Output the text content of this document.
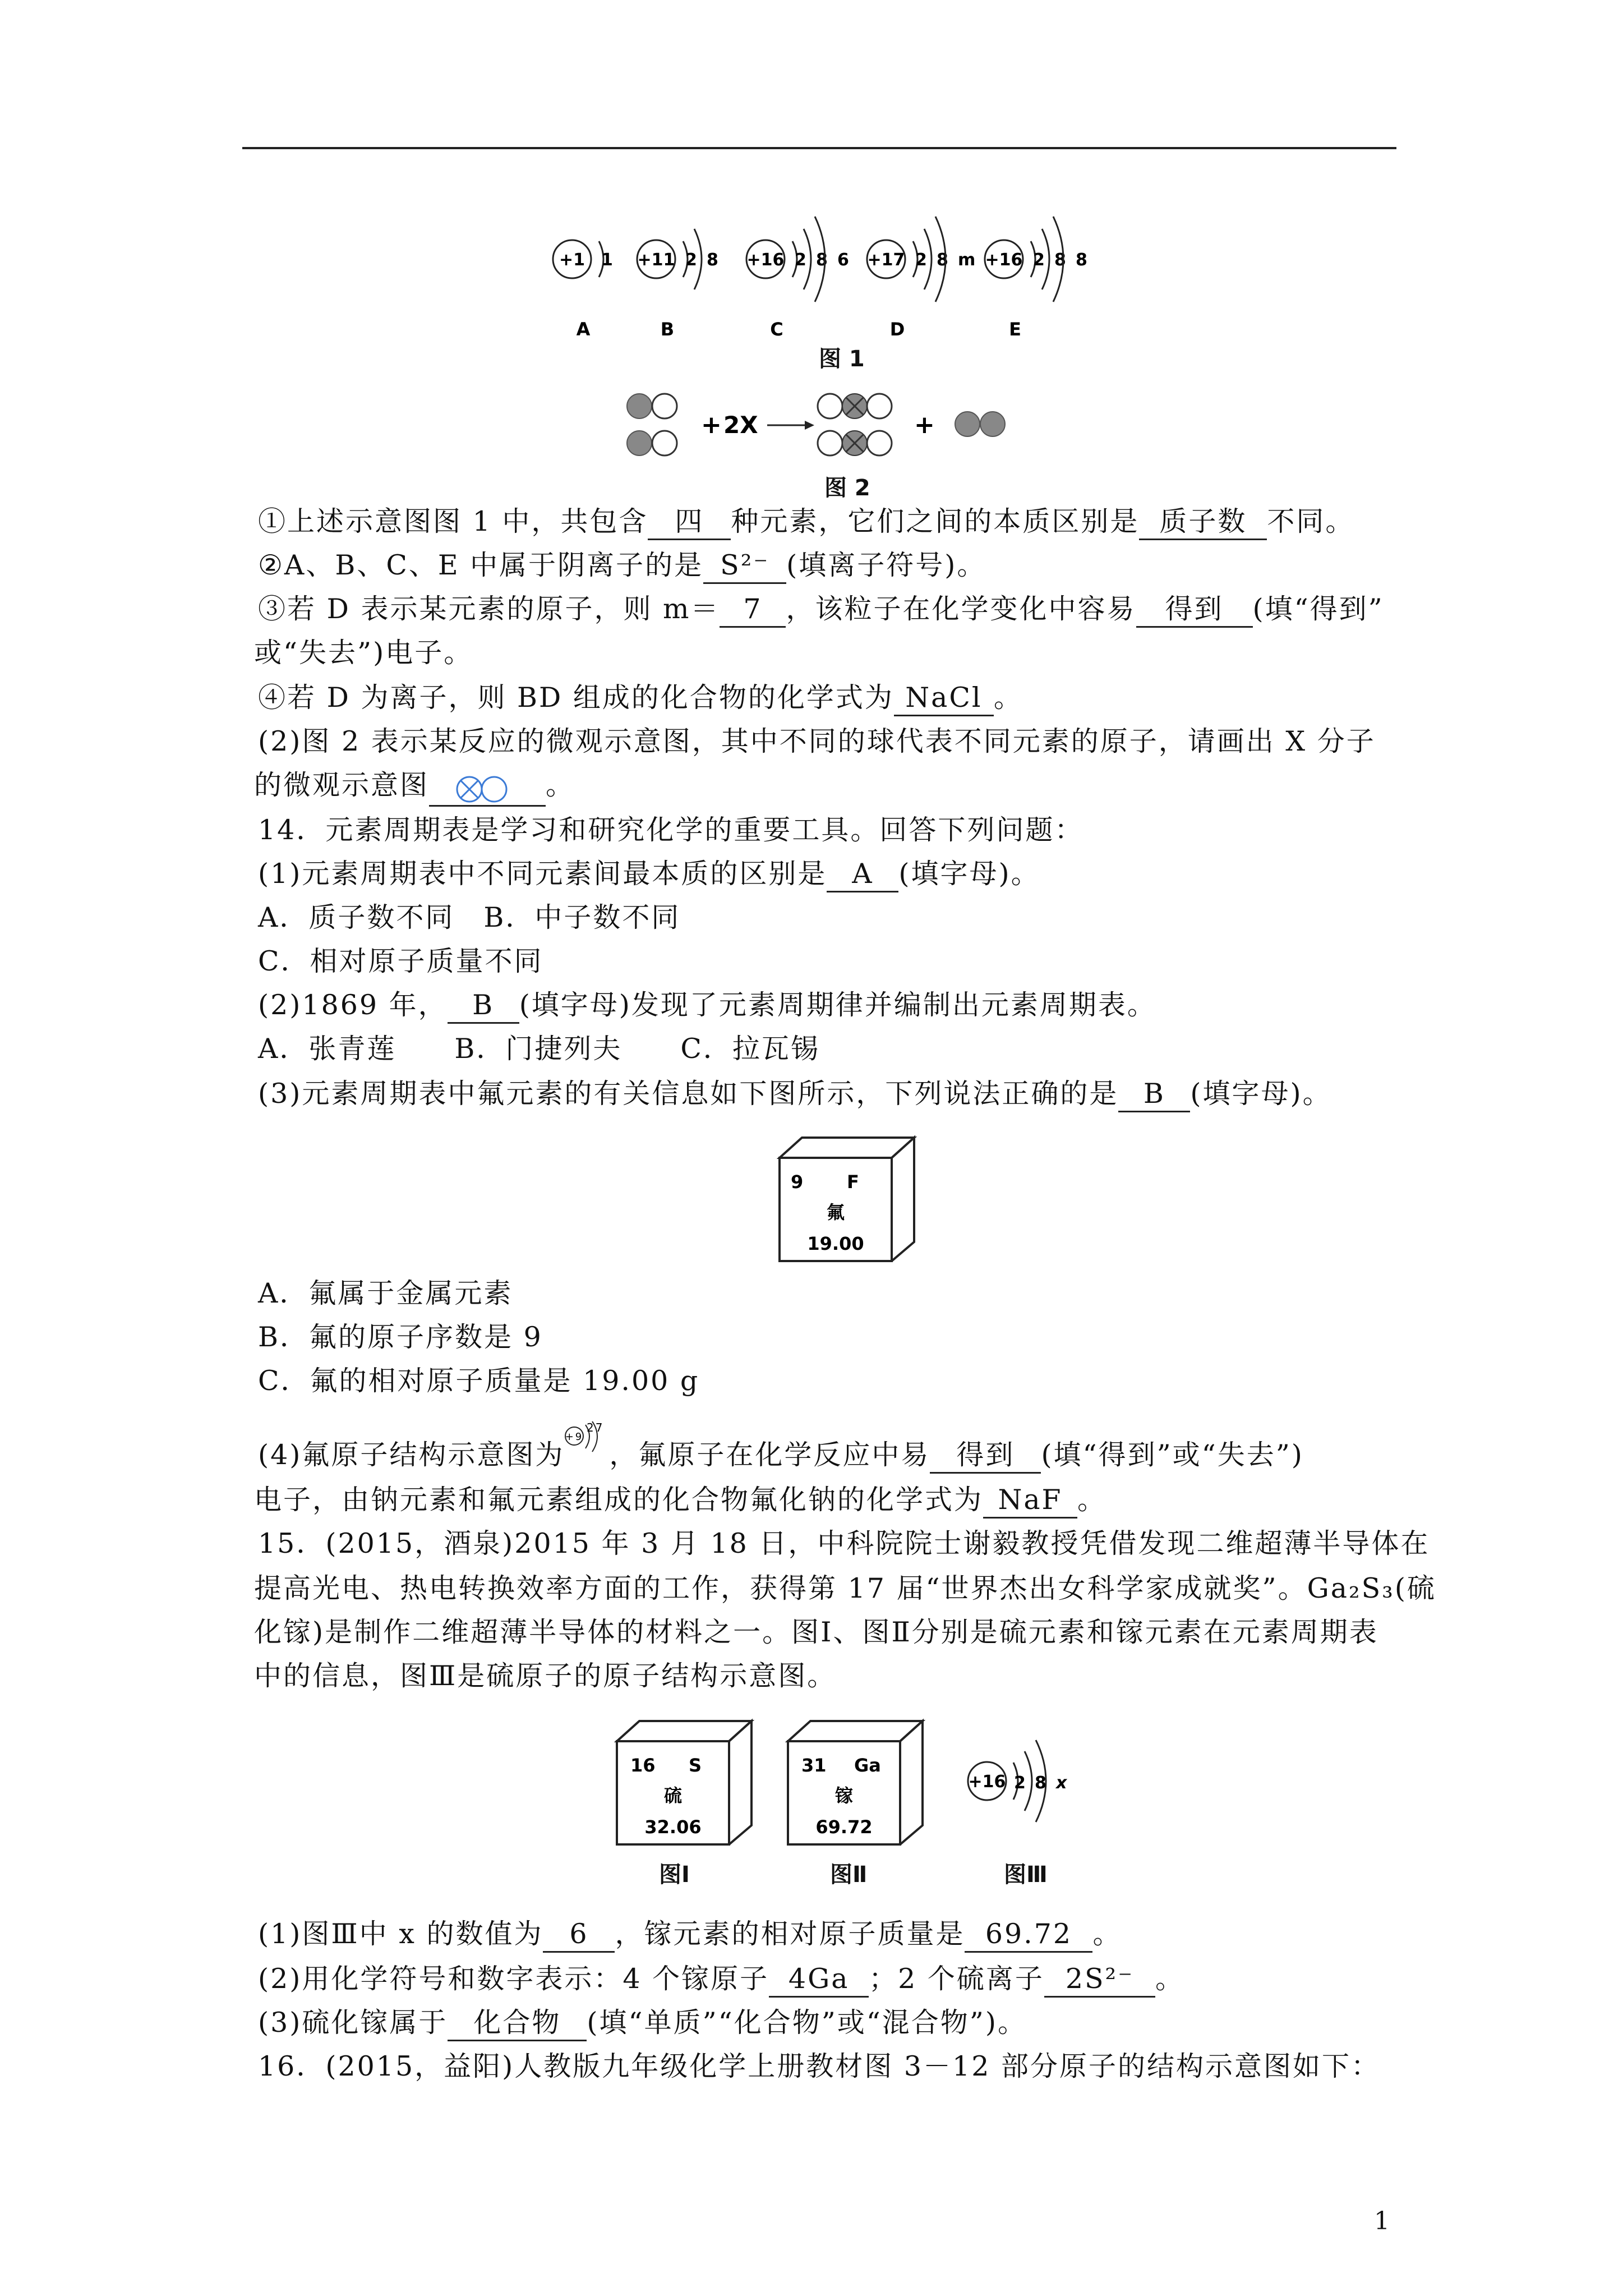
+1 1
A
+11 2 8
B
+16 2 8 6
C
+17 2 8 m
D
+16 2 8 8
E
图 1
+ 2X	+
图 2
①上述示意图图 1 中，共包含 四 种元素，它们之间的本质区别是 质子数 不同。
②A、B、C、E 中属于阴离子的是 S²⁻ (填离子符号)。
③若 D 表示某元素的原子，则 m＝ 7 ，该粒子在化学变化中容易 得到 (填“得到”
或“失去”)电子。
④若 D 为离子，则 BD 组成的化合物的化学式为 NaCl 。
(2)图 2 表示某反应的微观示意图，其中不同的球代表不同元素的原子，请画出 X 分子
的微观示意图	。
14．元素周期表是学习和研究化学的重要工具。回答下列问题：
(1)元素周期表中不同元素间最本质的区别是 A (填字母)。
A．质子数不同　B．中子数不同
C．相对原子质量不同
(2)1869 年， B (填字母)发现了元素周期律并编制出元素周期表。
A．张青莲　　B．门捷列夫　　C．拉瓦锡
(3)元素周期表中氟元素的有关信息如下图所示，下列说法正确的是 B (填字母)。
9 F
氟
19.00
A．氟属于金属元素
B．氟的原子序数是 9
C．氟的相对原子质量是 19.00 g
(4)氟原子结构示意图为
+9
27
，氟原子在化学反应中易 得到 (填“得到”或“失去”)
电子，由钠元素和氟元素组成的化合物氟化钠的化学式为 NaF 。
15．(2015，酒泉)2015 年 3 月 18 日，中科院院士谢毅教授凭借发现二维超薄半导体在
提高光电、热电转换效率方面的工作，获得第 17 届“世界杰出女科学家成就奖”。Ga₂S₃(硫
化镓)是制作二维超薄半导体的材料之一。图Ⅰ、图Ⅱ分别是硫元素和镓元素在元素周期表
中的信息，图Ⅲ是硫原子的原子结构示意图。
16 S
硫
32.06
图Ⅰ
31 Ga
镓
69.72
图Ⅱ
+16 2 8 x
图Ⅲ
(1)图Ⅲ中 x 的数值为 6 ，镓元素的相对原子质量是 69.72 。
(2)用化学符号和数字表示：4 个镓原子 4Ga ；2 个硫离子 2S²⁻ 。
(3)硫化镓属于 化合物 (填“单质”“化合物”或“混合物”)。
16．(2015，益阳)人教版九年级化学上册教材图 3－12 部分原子的结构示意图如下：
1
